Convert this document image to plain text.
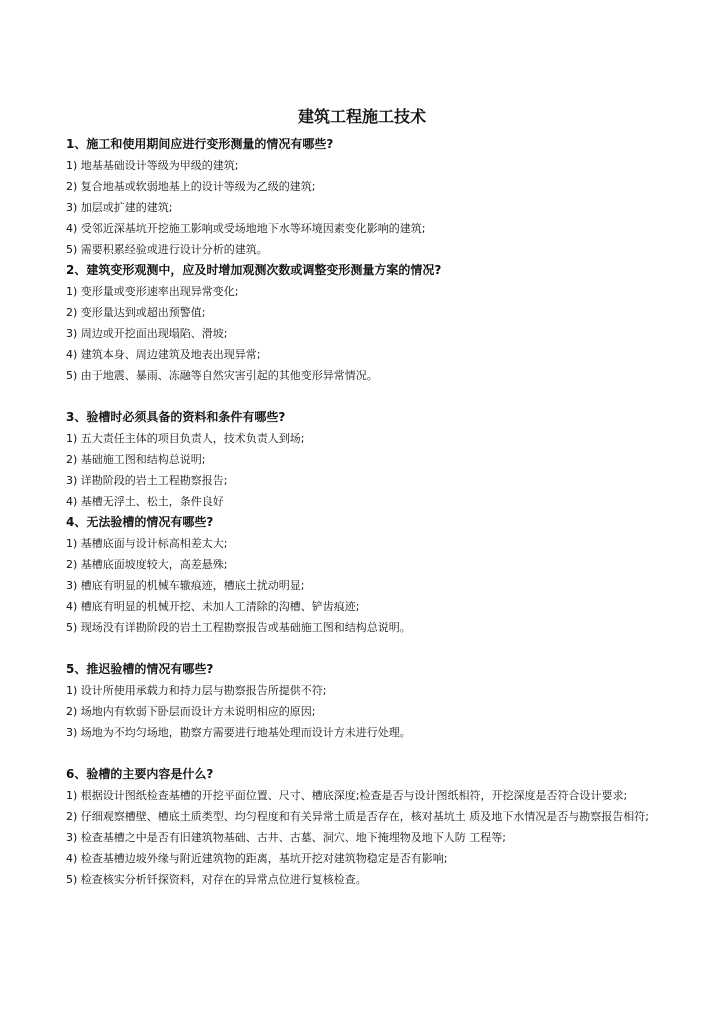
建筑工程施工技术

1、施工和使用期间应进行变形测量的情况有哪些?

1) 地基基础设计等级为甲级的建筑;

2) 复合地基或软弱地基上的设计等级为乙级的建筑;

3) 加层或扩建的建筑;

4) 受邻近深基坑开挖施工影响或受场地地下水等环境因素变化影响的建筑;

5) 需要积累经验或进行设计分析的建筑。

2、建筑变形观测中，应及时增加观测次数或调整变形测量方案的情况?

1) 变形量或变形速率出现异常变化;

2) 变形量达到或超出预警值;

3) 周边或开挖面出现塌陷、滑坡;

4) 建筑本身、周边建筑及地表出现异常;

5) 由于地震、暴雨、冻融等自然灾害引起的其他变形异常情况。

3、验槽时必须具备的资料和条件有哪些?

1) 五大责任主体的项目负责人，技术负责人到场;

2) 基础施工图和结构总说明;

3) 详勘阶段的岩土工程勘察报告;

4) 基槽无浮土、松土，条件良好

4、无法验槽的情况有哪些?

1) 基槽底面与设计标高相差太大;

2) 基槽底面坡度较大，高差悬殊;

3) 槽底有明显的机械车辙痕迹，槽底土扰动明显;

4) 槽底有明显的机械开挖、未加人工清除的沟槽、铲齿痕迹;

5) 现场没有详勘阶段的岩土工程勘察报告或基础施工图和结构总说明。

5、推迟验槽的情况有哪些?

1) 设计所使用承载力和持力层与勘察报告所提供不符;

2) 场地内有软弱下卧层而设计方未说明相应的原因;

3) 场地为不均匀场地，勘察方需要进行地基处理而设计方未进行处理。

6、验槽的主要内容是什么?

1) 根据设计图纸检查基槽的开挖平面位置、尺寸、槽底深度;检查是否与设计图纸相符，开挖深度是否符合设计要求;

2) 仔细观察槽壁、槽底土质类型、均匀程度和有关异常土质是否存在，核对基坑土 质及地下水情况是否与勘察报告相符;

3) 检查基槽之中是否有旧建筑物基础、古井、古墓、洞穴、地下掩埋物及地下人防 工程等;

4) 检查基槽边坡外缘与附近建筑物的距离，基坑开挖对建筑物稳定是否有影响;

5) 检查核实分析钎探资料，对存在的异常点位进行复核检查。
